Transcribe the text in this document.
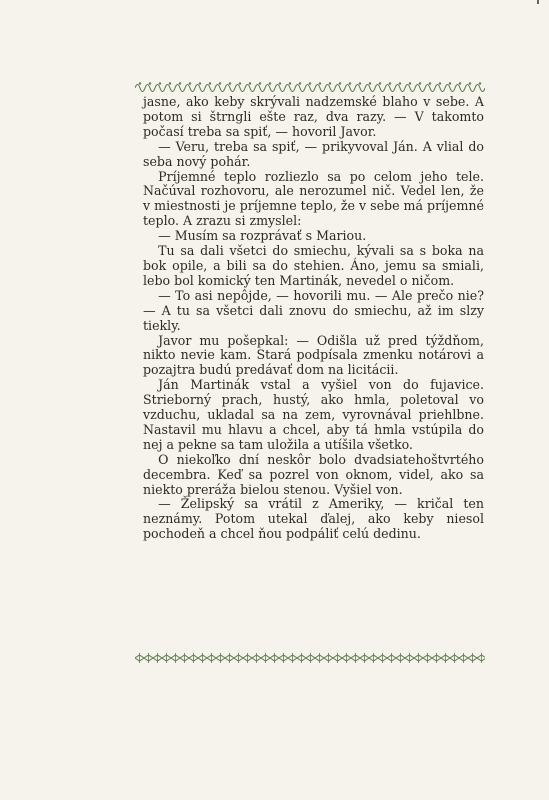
jasne, ako keby skrývali nadzemské blaho v sebe. A potom si štrngli ešte raz, dva razy. — V takomto počasí treba sa spiť, — hovoril Javor.

— Veru, treba sa spiť, — prikyvoval Ján. A vlial do seba nový pohár.

Príjemné teplo rozliezlo sa po celom jeho tele. Načúval rozhovoru, ale nerozumel nič. Vedel len, že v miestnosti je príjemne teplo, že v sebe má príjemné teplo. A zrazu si zmyslel:

— Musím sa rozprávať s Mariou.

Tu sa dali všetci do smiechu, kývali sa s boka na bok opile, a bili sa do stehien. Áno, jemu sa smiali, lebo bol komický ten Martinák, nevedel o ničom.

— To asi nepôjde, — hovorili mu. — Ale prečo nie? — A tu sa všetci dali znovu do smiechu, až im slzy tiekly.

Javor mu pošepkal: — Odišla už pred týždňom, nikto nevie kam. Stará podpísala zmenku notárovi a pozajtra budú predávať dom na licitácii.

Ján Martinák vstal a vyšiel von do fujavice. Strieborný prach, hustý, ako hmla, poletoval vo vzduchu, ukladal sa na zem, vyrovnával priehlbne. Nastavil mu hlavu a chcel, aby tá hmla vstúpila do nej a pekne sa tam uložila a utíšila všetko.

O niekoľko dní neskôr bolo dvadsiatehoštvrtého decembra. Keď sa pozrel von oknom, videl, ako sa niekto preráža bielou stenou. Vyšiel von.

— Želipský sa vrátil z Ameriky, — kričal ten neznámy. Potom utekal ďalej, ako keby niesol pochodeň a chcel ňou podpáliť celú dedinu.
